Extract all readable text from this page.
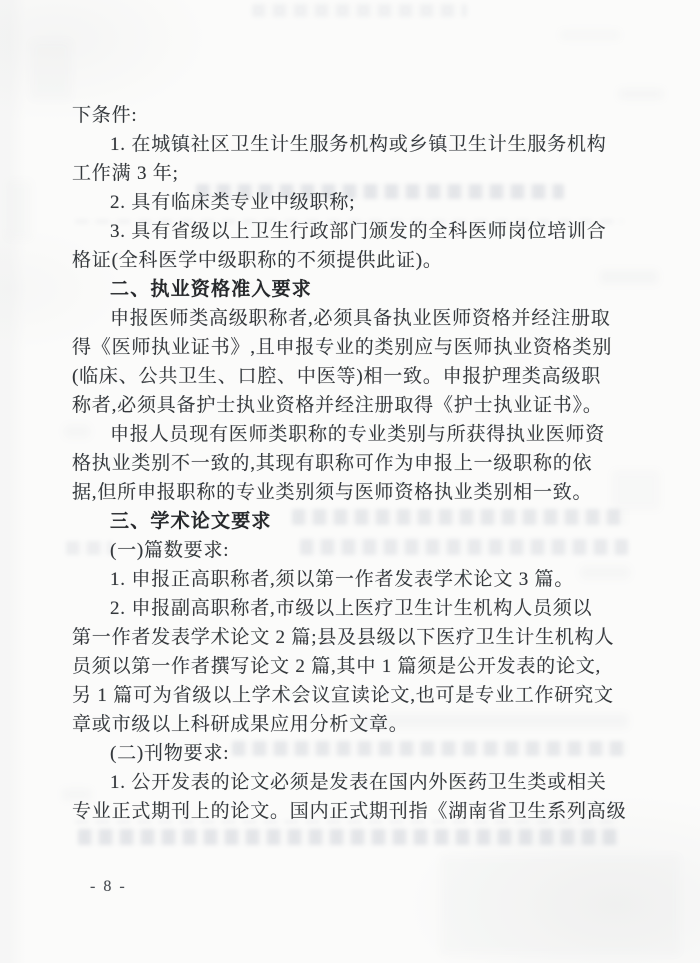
下条件:
1. 在城镇社区卫生计生服务机构或乡镇卫生计生服务机构
工作满 3 年;
2. 具有临床类专业中级职称;
3. 具有省级以上卫生行政部门颁发的全科医师岗位培训合
格证(全科医学中级职称的不须提供此证)。
二、执业资格准入要求
申报医师类高级职称者,必须具备执业医师资格并经注册取
得《医师执业证书》,且申报专业的类别应与医师执业资格类别
(临床、公共卫生、口腔、中医等)相一致。申报护理类高级职
称者,必须具备护士执业资格并经注册取得《护士执业证书》。
申报人员现有医师类职称的专业类别与所获得执业医师资
格执业类别不一致的,其现有职称可作为申报上一级职称的依
据,但所申报职称的专业类别须与医师资格执业类别相一致。
三、学术论文要求
(一)篇数要求:
1. 申报正高职称者,须以第一作者发表学术论文 3 篇。
2. 申报副高职称者,市级以上医疗卫生计生机构人员须以
第一作者发表学术论文 2 篇;县及县级以下医疗卫生计生机构人
员须以第一作者撰写论文 2 篇,其中 1 篇须是公开发表的论文,
另 1 篇可为省级以上学术会议宣读论文,也可是专业工作研究文
章或市级以上科研成果应用分析文章。
(二)刊物要求:
1. 公开发表的论文必须是发表在国内外医药卫生类或相关
专业正式期刊上的论文。国内正式期刊指《湖南省卫生系列高级
- 8 -
